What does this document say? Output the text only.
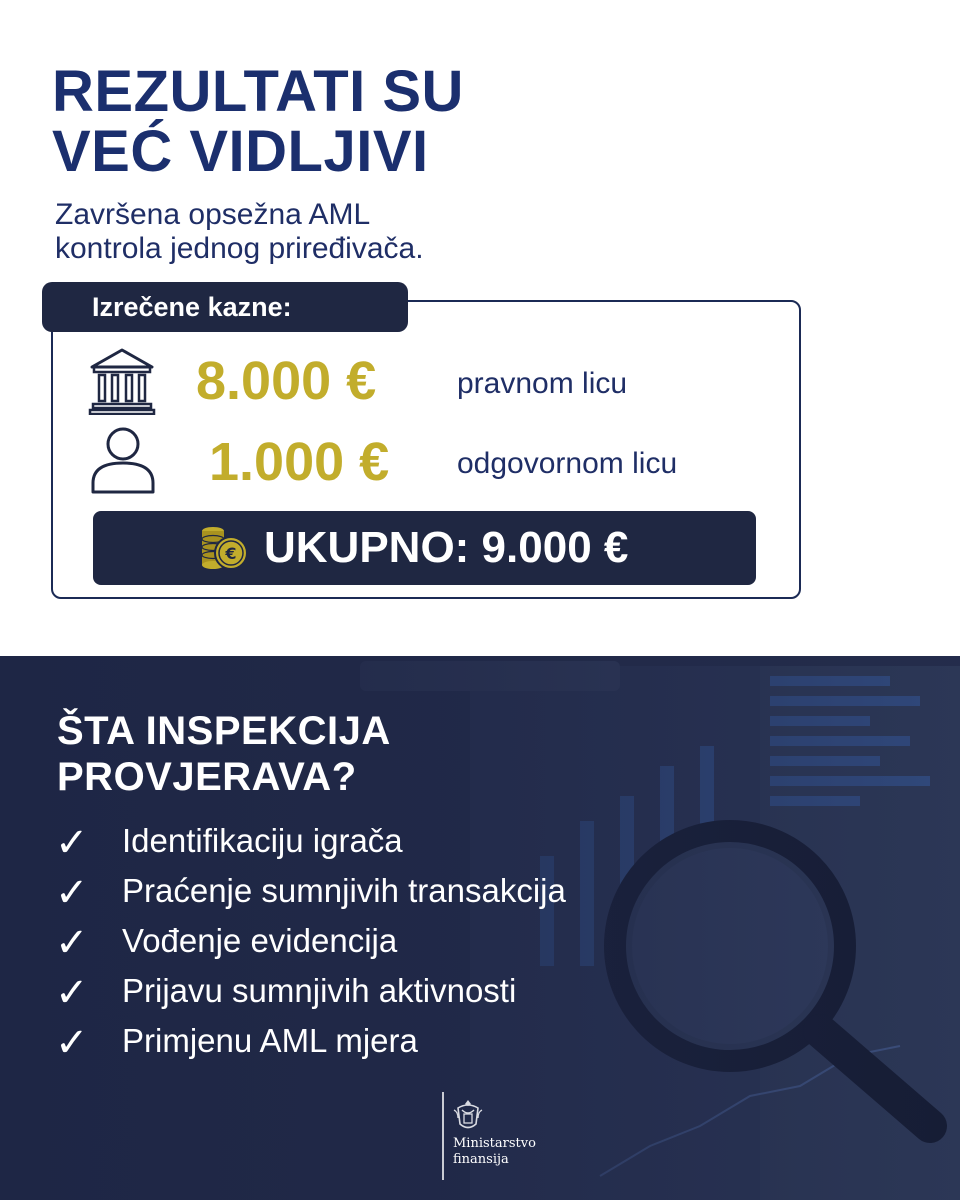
REZULTATI SU
VEĆ VIDLJIVI
Završena opsežna AML
kontrola jednog priređivača.
Izrečene kazne:
8.000 €	pravnom licu
1.000 € odgovornom licu
€ UKUPNO: 9.000 €
ŠTA INSPEKCIJA
PROVJERAVA?
✓ Identifikaciju igrača
✓ Praćenje sumnjivih transakcija
✓ Vođenje evidencija
✓ Prijavu sumnjivih aktivnosti
✓ Primjenu AML mjera
Ministarstvo
finansija
